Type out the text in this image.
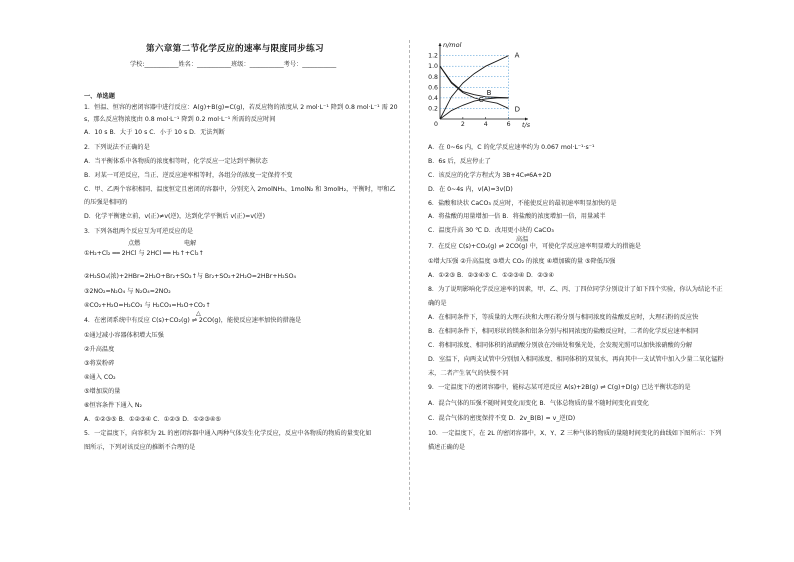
第六章第二节化学反应的速率与限度同步练习
学校:___________姓名：___________班级：___________考号：___________
一、单选题
1．恒温、恒容的密闭容器中进行反应：A(g)+B(g)=C(g)，若反应物的浓度从 2 mol·L⁻¹ 降到 0.8 mol·L⁻¹ 需 20
s，那么反应物浓度由 0.8 mol·L⁻¹ 降到 0.2 mol·L⁻¹ 所需的反应时间
A．10 s B．大于 10 s C．小于 10 s D．无法判断
2．下列说法不正确的是
A．当平衡体系中各物质的浓度相等时，化学反应一定达到平衡状态
B．对某一可逆反应，当正、逆反应速率相等时，各组分的浓度一定保持不变
C．甲、乙两个容积相同、温度恒定且密闭的容器中，分别充入 2molNH₃、1molN₂ 和 3molH₂，平衡时，甲和乙
的压强是相同的
D．化学平衡建立前，v(正)≠v(逆)，达到化学平衡后 v(正)=v(逆)
3．下列各组两个反应互为可逆反应的是
点燃	电解
①H₂+Cl₂ ══ 2HCl 与 2HCl ══ H₂↑+Cl₂↑
②H₂SO₄(浓)+2HBr=2H₂O+Br₂+SO₂↑与 Br₂+SO₂+2H₂O=2HBr+H₂SO₄
③2NO₂=N₂O₄ 与 N₂O₄=2NO₂
④CO₂+H₂O=H₂CO₃ 与 H₂CO₃=H₂O+CO₂↑
4．在密闭系统中有反应 C(s)+CO₂(g) ⇌ 2CO(g)，能使反应速率加快的措施是
△
①通过减小容器体积增大压强
②升高温度
③将炭粉碎
④通入 CO₂
⑤增加炭的量
⑥恒容条件下通入 N₂
A．①②③⑤ B．①②③④ C．①②③ D．①②③④⑤
5．一定温度下，向容积为 2L 的密闭容器中通入两种气体发生化学反应，反应中各物质的物质的量变化如
图所示，下列对该反应的推断不合理的是
A．在 0~6s 内，C 的化学反应速率约为 0.067 mol·L⁻¹·s⁻¹
B．6s 后，反应停止了
C．该反应的化学方程式为 3B+4C⇌6A+2D
D．在 0~4s 内，v(A)=3v(D)
6．盐酸和块状 CaCO₃ 反应时，不能使反应的最初速率明显加快的是
A．将盐酸的用量增加一倍 B．将盐酸的浓度增加一倍，用量减半
C．温度升高 30 ℃ D．改用更小块的 CaCO₃
7．在反应 C(s)+CO₂(g) ⇌ 2CO(g) 中，可使化学反应速率明显增大的措施是
高温
①增大压强 ②升高温度 ③增大 CO₂ 的浓度 ④增加碳的量 ⑤降低压强
A．①②③ B．②③④⑤ C．①②③④ D．②③④
8．为了说明影响化学反应速率的因素，甲、乙、丙、丁四位同学分别设计了如下四个实验，你认为结论不正
确的是
A．在相同条件下，等质量的大理石块和大理石粉分别与相同浓度的盐酸反应时，大理石粉的反应快
B．在相同条件下，相同形状的镁条和铝条分别与相同浓度的盐酸反应时，二者的化学反应速率相同
C．将相同浓度、相同体积的浓硝酸分别放在冷暗处和强光处，会发现光照可以加快浓硝酸的分解
D．室温下，向两支试管中分别加入相同浓度、相同体积的双氧水，再向其中一支试管中加入少量二氧化锰粉
末，二者产生氧气的快慢不同
9．一定温度下的密闭容器中，能标志某可逆反应 A(s)+2B(g) ⇌ C(g)+D(g) 已达平衡状态的是
A．混合气体的压强不随时间变化而变化 B．气体总物质的量不随时间变化而变化
C．混合气体的密度保持不变 D．2v_B(B) = v_逆(D)
10．一定温度下，在 2L 的密闭容器中，X、Y、Z 三种气体的物质的量随时间变化的曲线如下图所示：下列
描述正确的是
n/mol
t/s
0
0.2
0.4
0.6
0.8
1.0
1.2
2	4	6
A
B
C
D
